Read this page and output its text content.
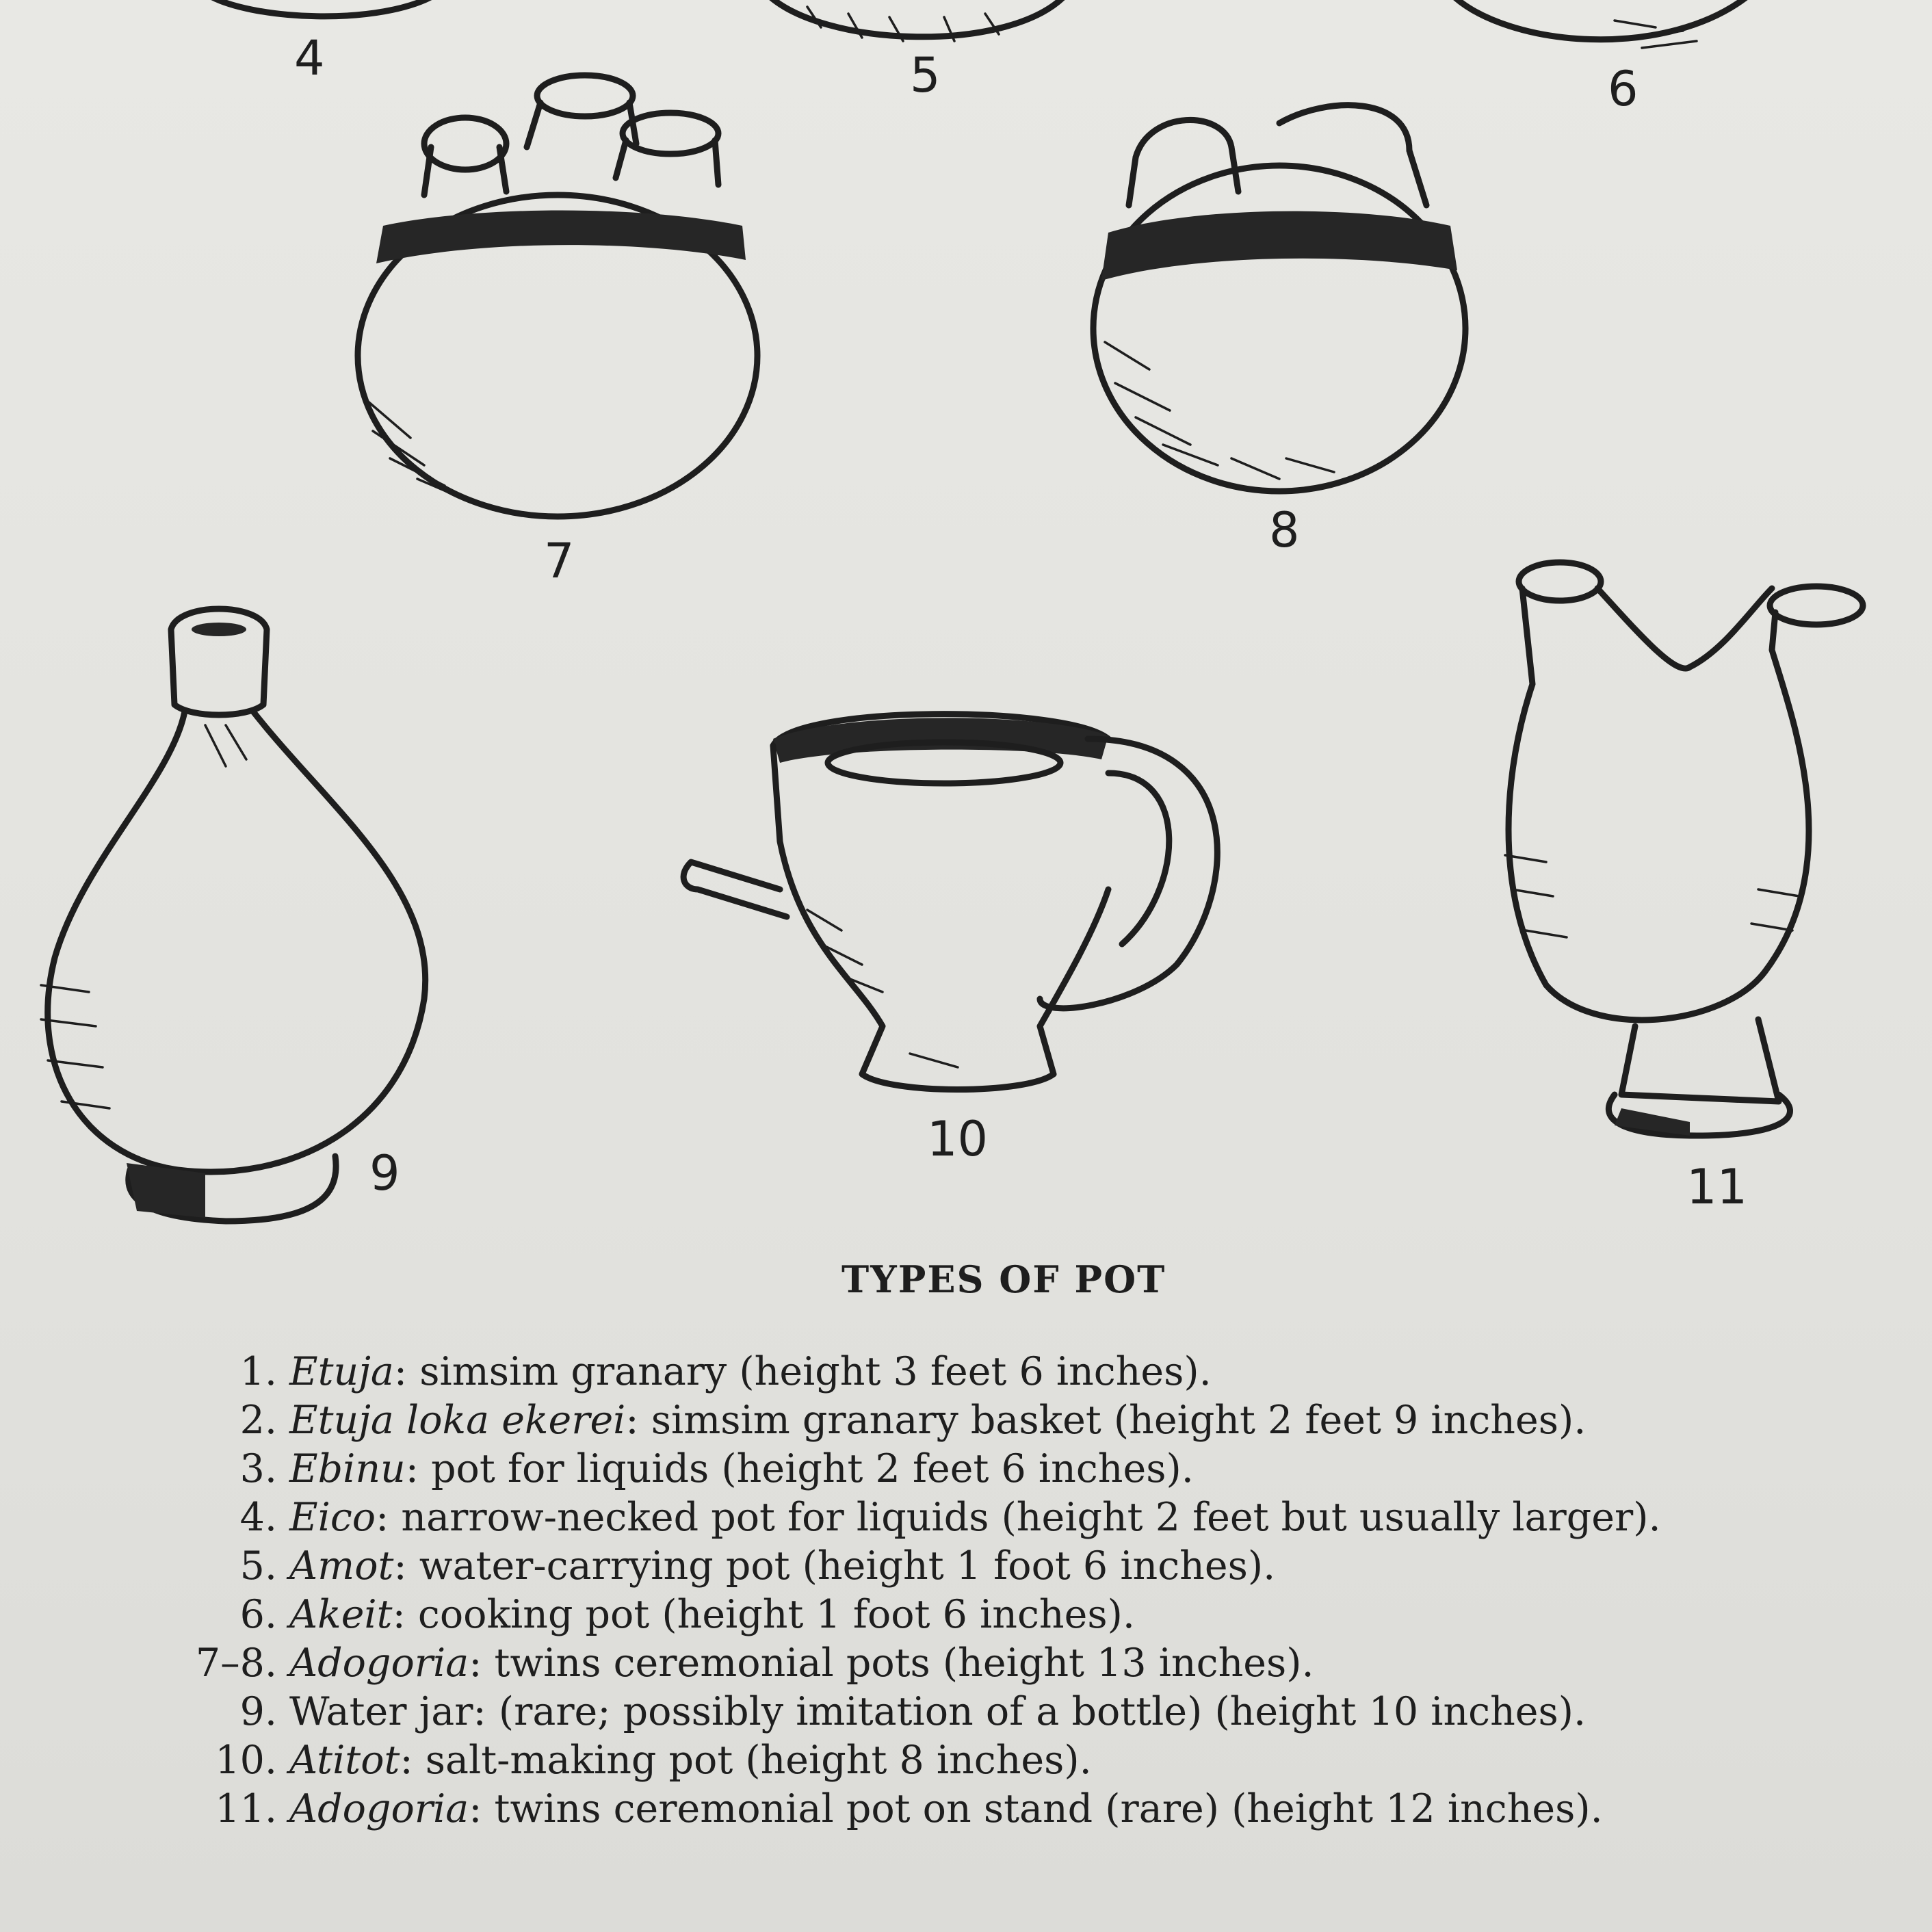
4	5	6
7
8
9
10
11
TYPES OF POT
1. Etuja: simsim granary (height 3 feet 6 inches).
2. Etuja loka ekerei: simsim granary basket (height 2 feet 9 inches).
3. Ebinu: pot for liquids (height 2 feet 6 inches).
4. Eico: narrow-necked pot for liquids (height 2 feet but usually larger).
5. Amot: water-carrying pot (height 1 foot 6 inches).
6. Akeit: cooking pot (height 1 foot 6 inches).
7–8. Adogoria: twins ceremonial pots (height 13 inches).
9. Water jar: (rare; possibly imitation of a bottle) (height 10 inches).
10. Atitot: salt-making pot (height 8 inches).
11. Adogoria: twins ceremonial pot on stand (rare) (height 12 inches).
